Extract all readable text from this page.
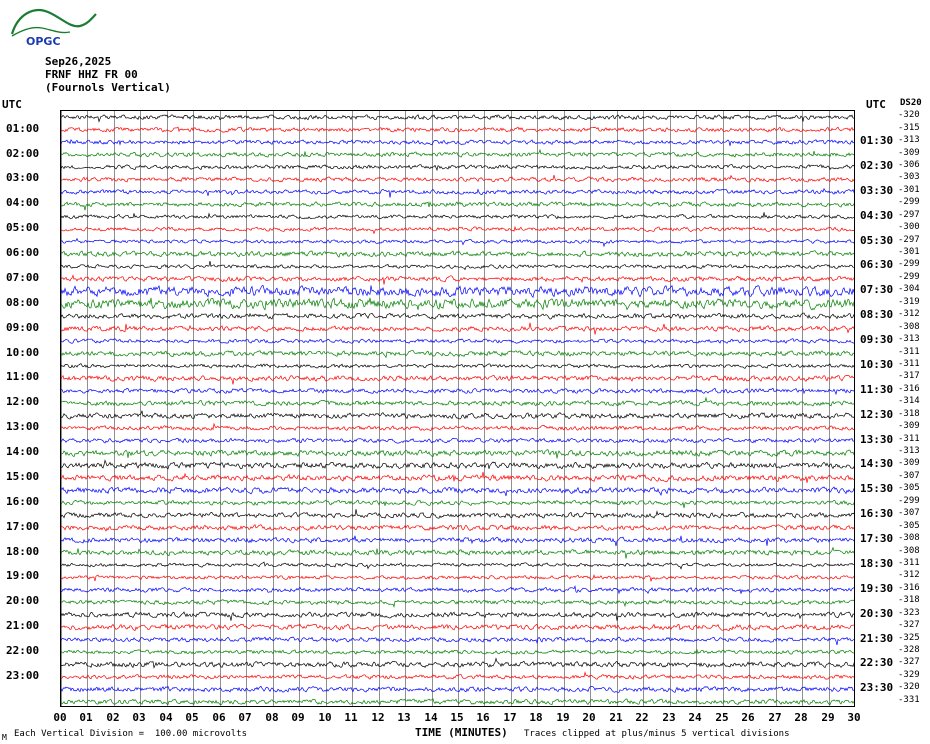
OPGC
Sep26,2025
FRNF HHZ FR 00
(Fournols Vertical)
UTC	UTC DS20
Each Vertical Division =  100.00 microvolts	TIME (MINUTES) Traces clipped at plus/minus 5 vertical divisions
M
-320
01:00	-315
01:30 -313
02:00	-309
02:30 -306
03:00	-303
03:30 -301
04:00	-299
04:30 -297
05:00	-300
05:30 -297
06:00	-301
06:30 -299
07:00	-299
07:30 -304
08:00	-319
08:30 -312
09:00	-308
09:30 -313
10:00	-311
10:30 -311
11:00	-317
11:30 -316
12:00	-314
12:30 -318
13:00	-309
13:30 -311
14:00	-313
14:30 -309
15:00	-307
15:30 -305
16:00	-299
16:30 -307
17:00	-305
17:30 -308
18:00	-308
18:30 -311
19:00	-312
19:30 -316
20:00	-318
20:30 -323
21:00	-327
21:30 -325
22:00	-328
22:30 -327
23:00	-329
23:30 -320
-331
00	01	02	03	04	05	06	07	08	09	10	11	12	13	14	15	16	17	18	19	20	21	22	23	24	25	26	27	28	29	30
